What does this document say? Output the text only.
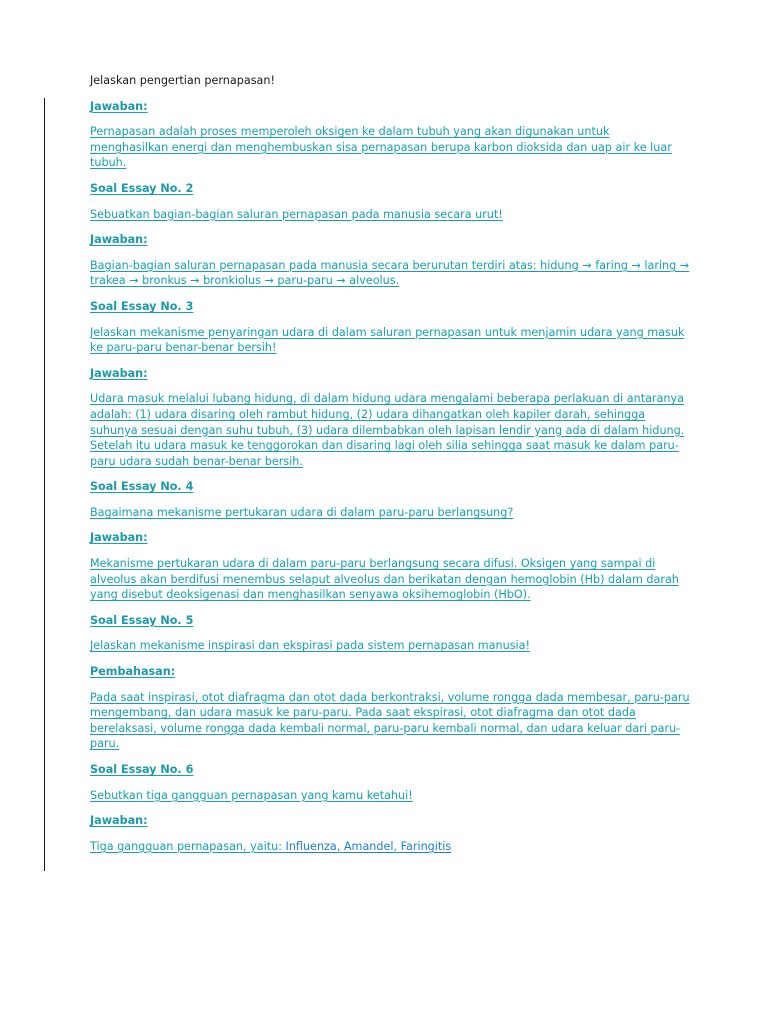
Jelaskan pengertian pernapasan!

Jawaban:

Pernapasan adalah proses memperoleh oksigen ke dalam tubuh yang akan digunakan untuk menghasilkan energi dan menghembuskan sisa pernapasan berupa karbon dioksida dan uap air ke luar tubuh.

Soal Essay No. 2

Sebuatkan bagian-bagian saluran pernapasan pada manusia secara urut!

Jawaban:

Bagian-bagian saluran pernapasan pada manusia secara berurutan terdiri atas: hidung → faring → laring → trakea → bronkus → bronkiolus → paru-paru → alveolus.

Soal Essay No. 3

Jelaskan mekanisme penyaringan udara di dalam saluran pernapasan untuk menjamin udara yang masuk ke paru-paru benar-benar bersih!

Jawaban:

Udara masuk melalui lubang hidung, di dalam hidung udara mengalami beberapa perlakuan di antaranya adalah: (1) udara disaring oleh rambut hidung, (2) udara dihangatkan oleh kapiler darah, sehingga suhunya sesuai dengan suhu tubuh, (3) udara dilembabkan oleh lapisan lendir yang ada di dalam hidung. Setelah itu udara masuk ke tenggorokan dan disaring lagi oleh silia sehingga saat masuk ke dalam paru-paru udara sudah benar-benar bersih.

Soal Essay No. 4

Bagaimana mekanisme pertukaran udara di dalam paru-paru berlangsung?

Jawaban:

Mekanisme pertukaran udara di dalam paru-paru berlangsung secara difusi. Oksigen yang sampai di alveolus akan berdifusi menembus selaput alveolus dan berikatan dengan hemoglobin (Hb) dalam darah yang disebut deoksigenasi dan menghasilkan senyawa oksihemoglobin (HbO).

Soal Essay No. 5

Jelaskan mekanisme inspirasi dan ekspirasi pada sistem pernapasan manusia!

Pembahasan:

Pada saat inspirasi, otot diafragma dan otot dada berkontraksi, volume rongga dada membesar, paru-paru mengembang, dan udara masuk ke paru-paru. Pada saat ekspirasi, otot diafragma dan otot dada berelaksasi, volume rongga dada kembali normal, paru-paru kembali normal, dan udara keluar dari paru-paru.

Soal Essay No. 6

Sebutkan tiga gangguan pernapasan yang kamu ketahui!

Jawaban:

Tiga gangguan pernapasan, yaitu: Influenza, Amandel, Faringitis
